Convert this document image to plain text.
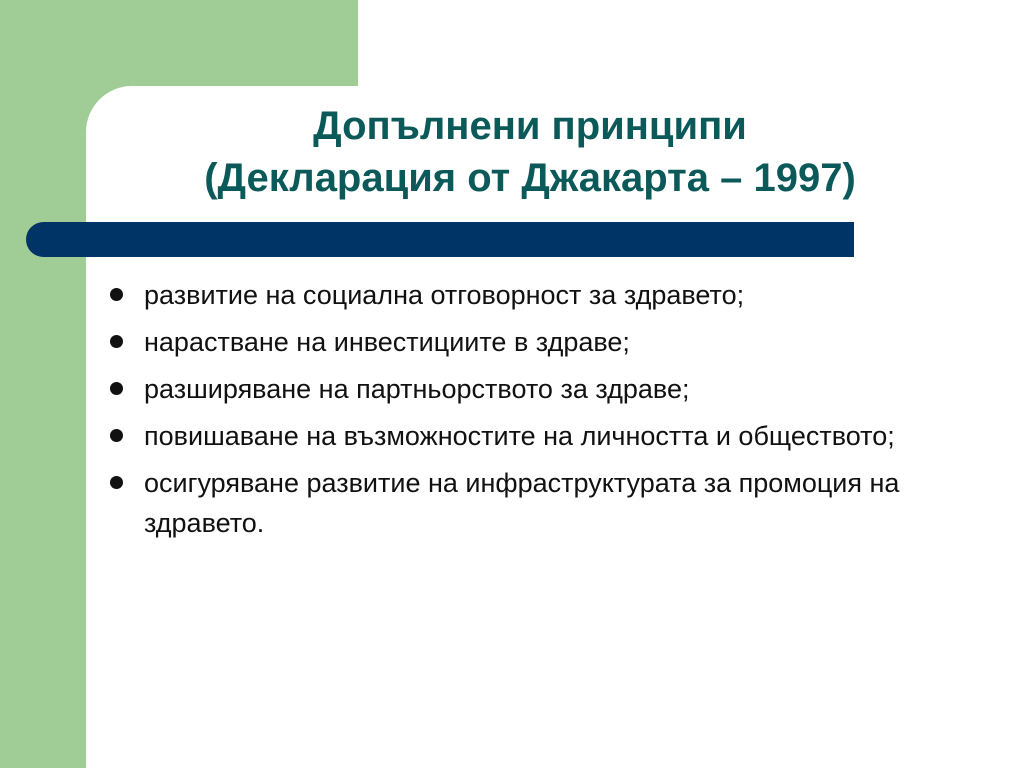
Допълнени принципи
(Декларация от Джакарта – 1997)
развитие на социална отговорност за здравето;
нарастване на инвестициите в здраве;
разширяване на партньорството за здраве;
повишаване на възможностите на личността и обществото;
осигуряване развитие на инфраструктурата за промоция на здравето.
